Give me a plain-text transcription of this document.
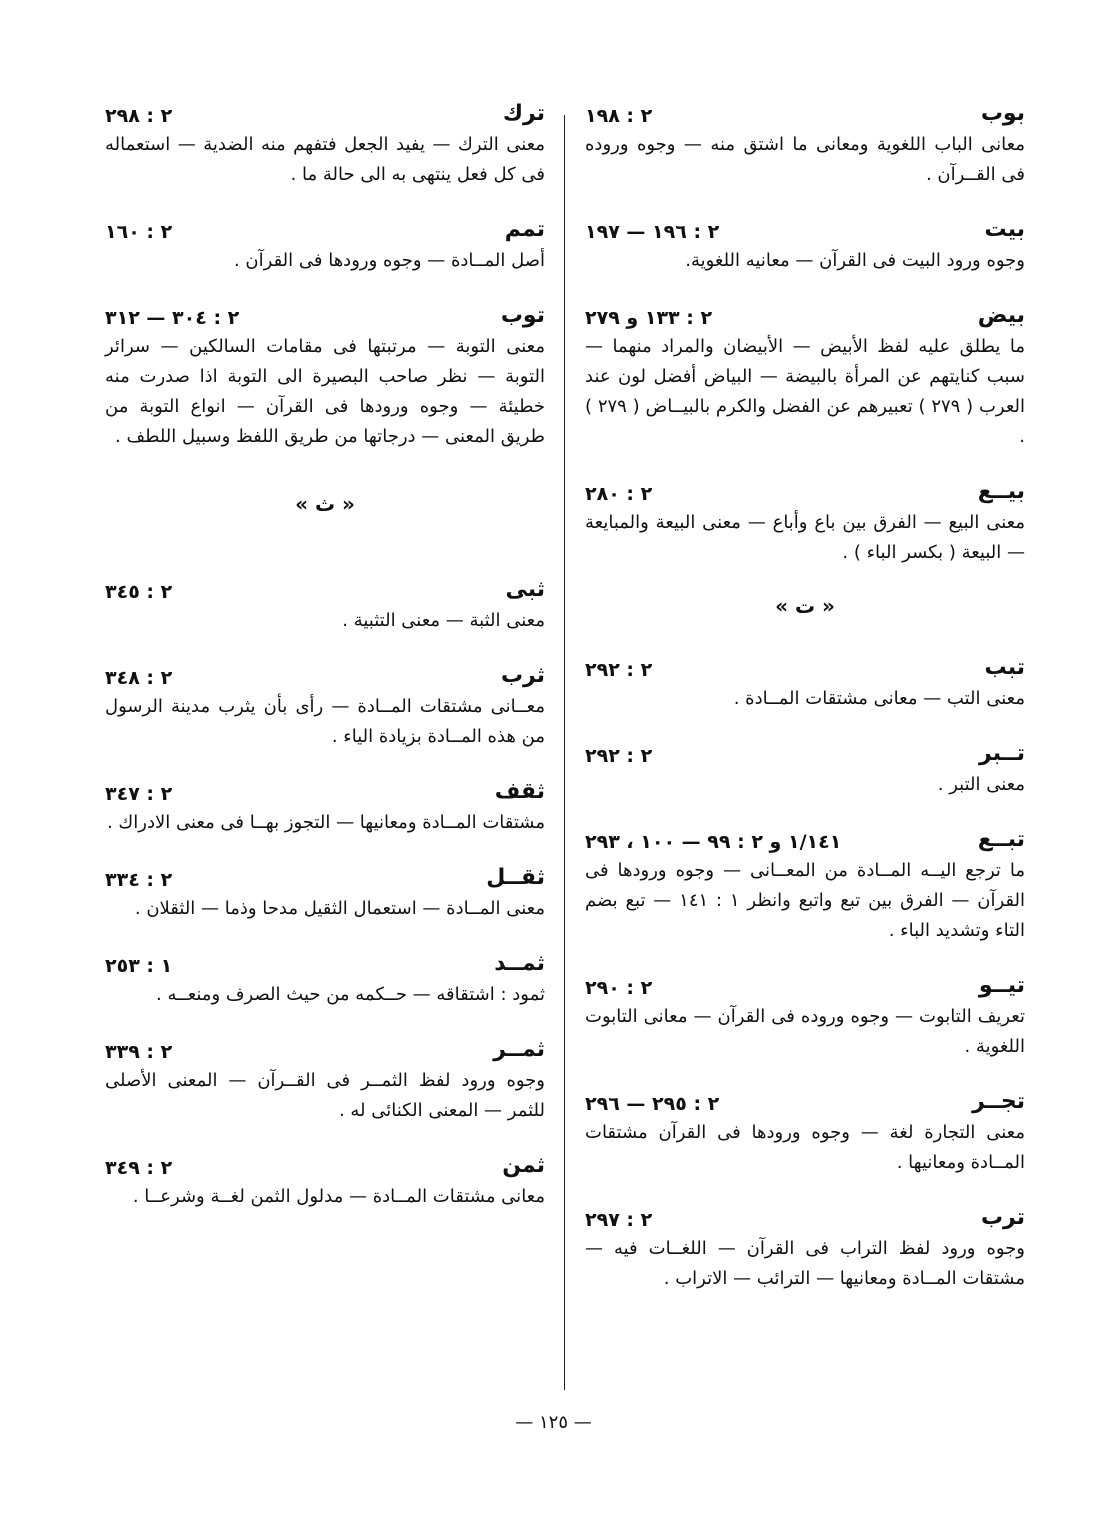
بوب
٢ : ١٩٨
معانى الباب اللغوية ومعانى ما اشتق منه — وجوه وروده فى القــرآن .
بيت
٢ : ١٩٦ — ١٩٧
وجوه ورود البيت فى القرآن — معانيه اللغوية.
بيض
٢ : ١٣٣ و ٢٧٩
ما يطلق عليه لفظ الأبيض — الأبيضان والمراد منهما — سبب كنايتهم عن المرأة بالبيضة — البياض أفضل لون عند العرب ( ٢٧٩ ) تعبيرهم عن الفضل والكرم بالبيــاض ( ٢٧٩ ) .
بيــع
٢ : ٢٨٠
معنى البيع — الفرق بين باع وأباع — معنى البيعة والمبايعة — البيعة ( بكسر الباء ) .
« ت »
تبب
٢ : ٢٩٢
معنى التب — معانى مشتقات المــادة .
تــبر
٢ : ٢٩٢
معنى التبر .
تبــع
١/١٤١ و ٢ : ٩٩ — ١٠٠ ، ٢٩٣
ما ترجع اليــه المــادة من المعــانى — وجوه ورودها فى القرآن — الفرق بين تبع واتبع وانظر ١ : ١٤١ — تبع بضم التاء وتشديد الباء .
تيــو
٢ : ٢٩٠
تعريف التابوت — وجوه وروده فى القرآن — معانى التابوت اللغوية .
تجــر
٢ : ٢٩٥ — ٢٩٦
معنى التجارة لغة — وجوه ورودها فى القرآن مشتقات المــادة ومعانيها .
ترب
٢ : ٢٩٧
وجوه ورود لفظ التراب فى القرآن — اللغــات فيه — مشتقات المــادة ومعانيها — الترائب — الاتراب .
ترك
٢ : ٢٩٨
معنى الترك — يفيد الجعل فتفهم منه الضدية — استعماله فى كل فعل ينتهى به الى حالة ما .
تمم
٢ : ١٦٠
أصل المــادة — وجوه ورودها فى القرآن .
توب
٢ : ٣٠٤ — ٣١٢
معنى التوبة — مرتبتها فى مقامات السالكين — سرائر التوبة — نظر صاحب البصيرة الى التوبة اذا صدرت منه خطيئة — وجوه ورودها فى القرآن — انواع التوبة من طريق المعنى — درجاتها من طريق اللفظ وسبيل اللطف .
« ث »
ثبى
٢ : ٣٤٥
معنى الثبة — معنى التثبية .
ثرب
٢ : ٣٤٨
معــانى مشتقات المــادة — رأى بأن يثرب مدينة الرسول من هذه المــادة بزيادة الياء .
ثقف
٢ : ٣٤٧
مشتقات المــادة ومعانيها — التجوز بهــا فى معنى الادراك .
ثقــل
٢ : ٣٣٤
معنى المــادة — استعمال الثقيل مدحا وذما — الثقلان .
ثمــد
١ : ٢٥٣
ثمود : اشتقاقه — حــكمه من حيث الصرف ومنعــه .
ثمــر
٢ : ٣٣٩
وجوه ورود لفظ الثمــر فى القــرآن — المعنى الأصلى للثمر — المعنى الكنائى له .
ثمن
٢ : ٣٤٩
معانى مشتقات المــادة — مدلول الثمن لغــة وشرعــا .
— ١٢٥ —
